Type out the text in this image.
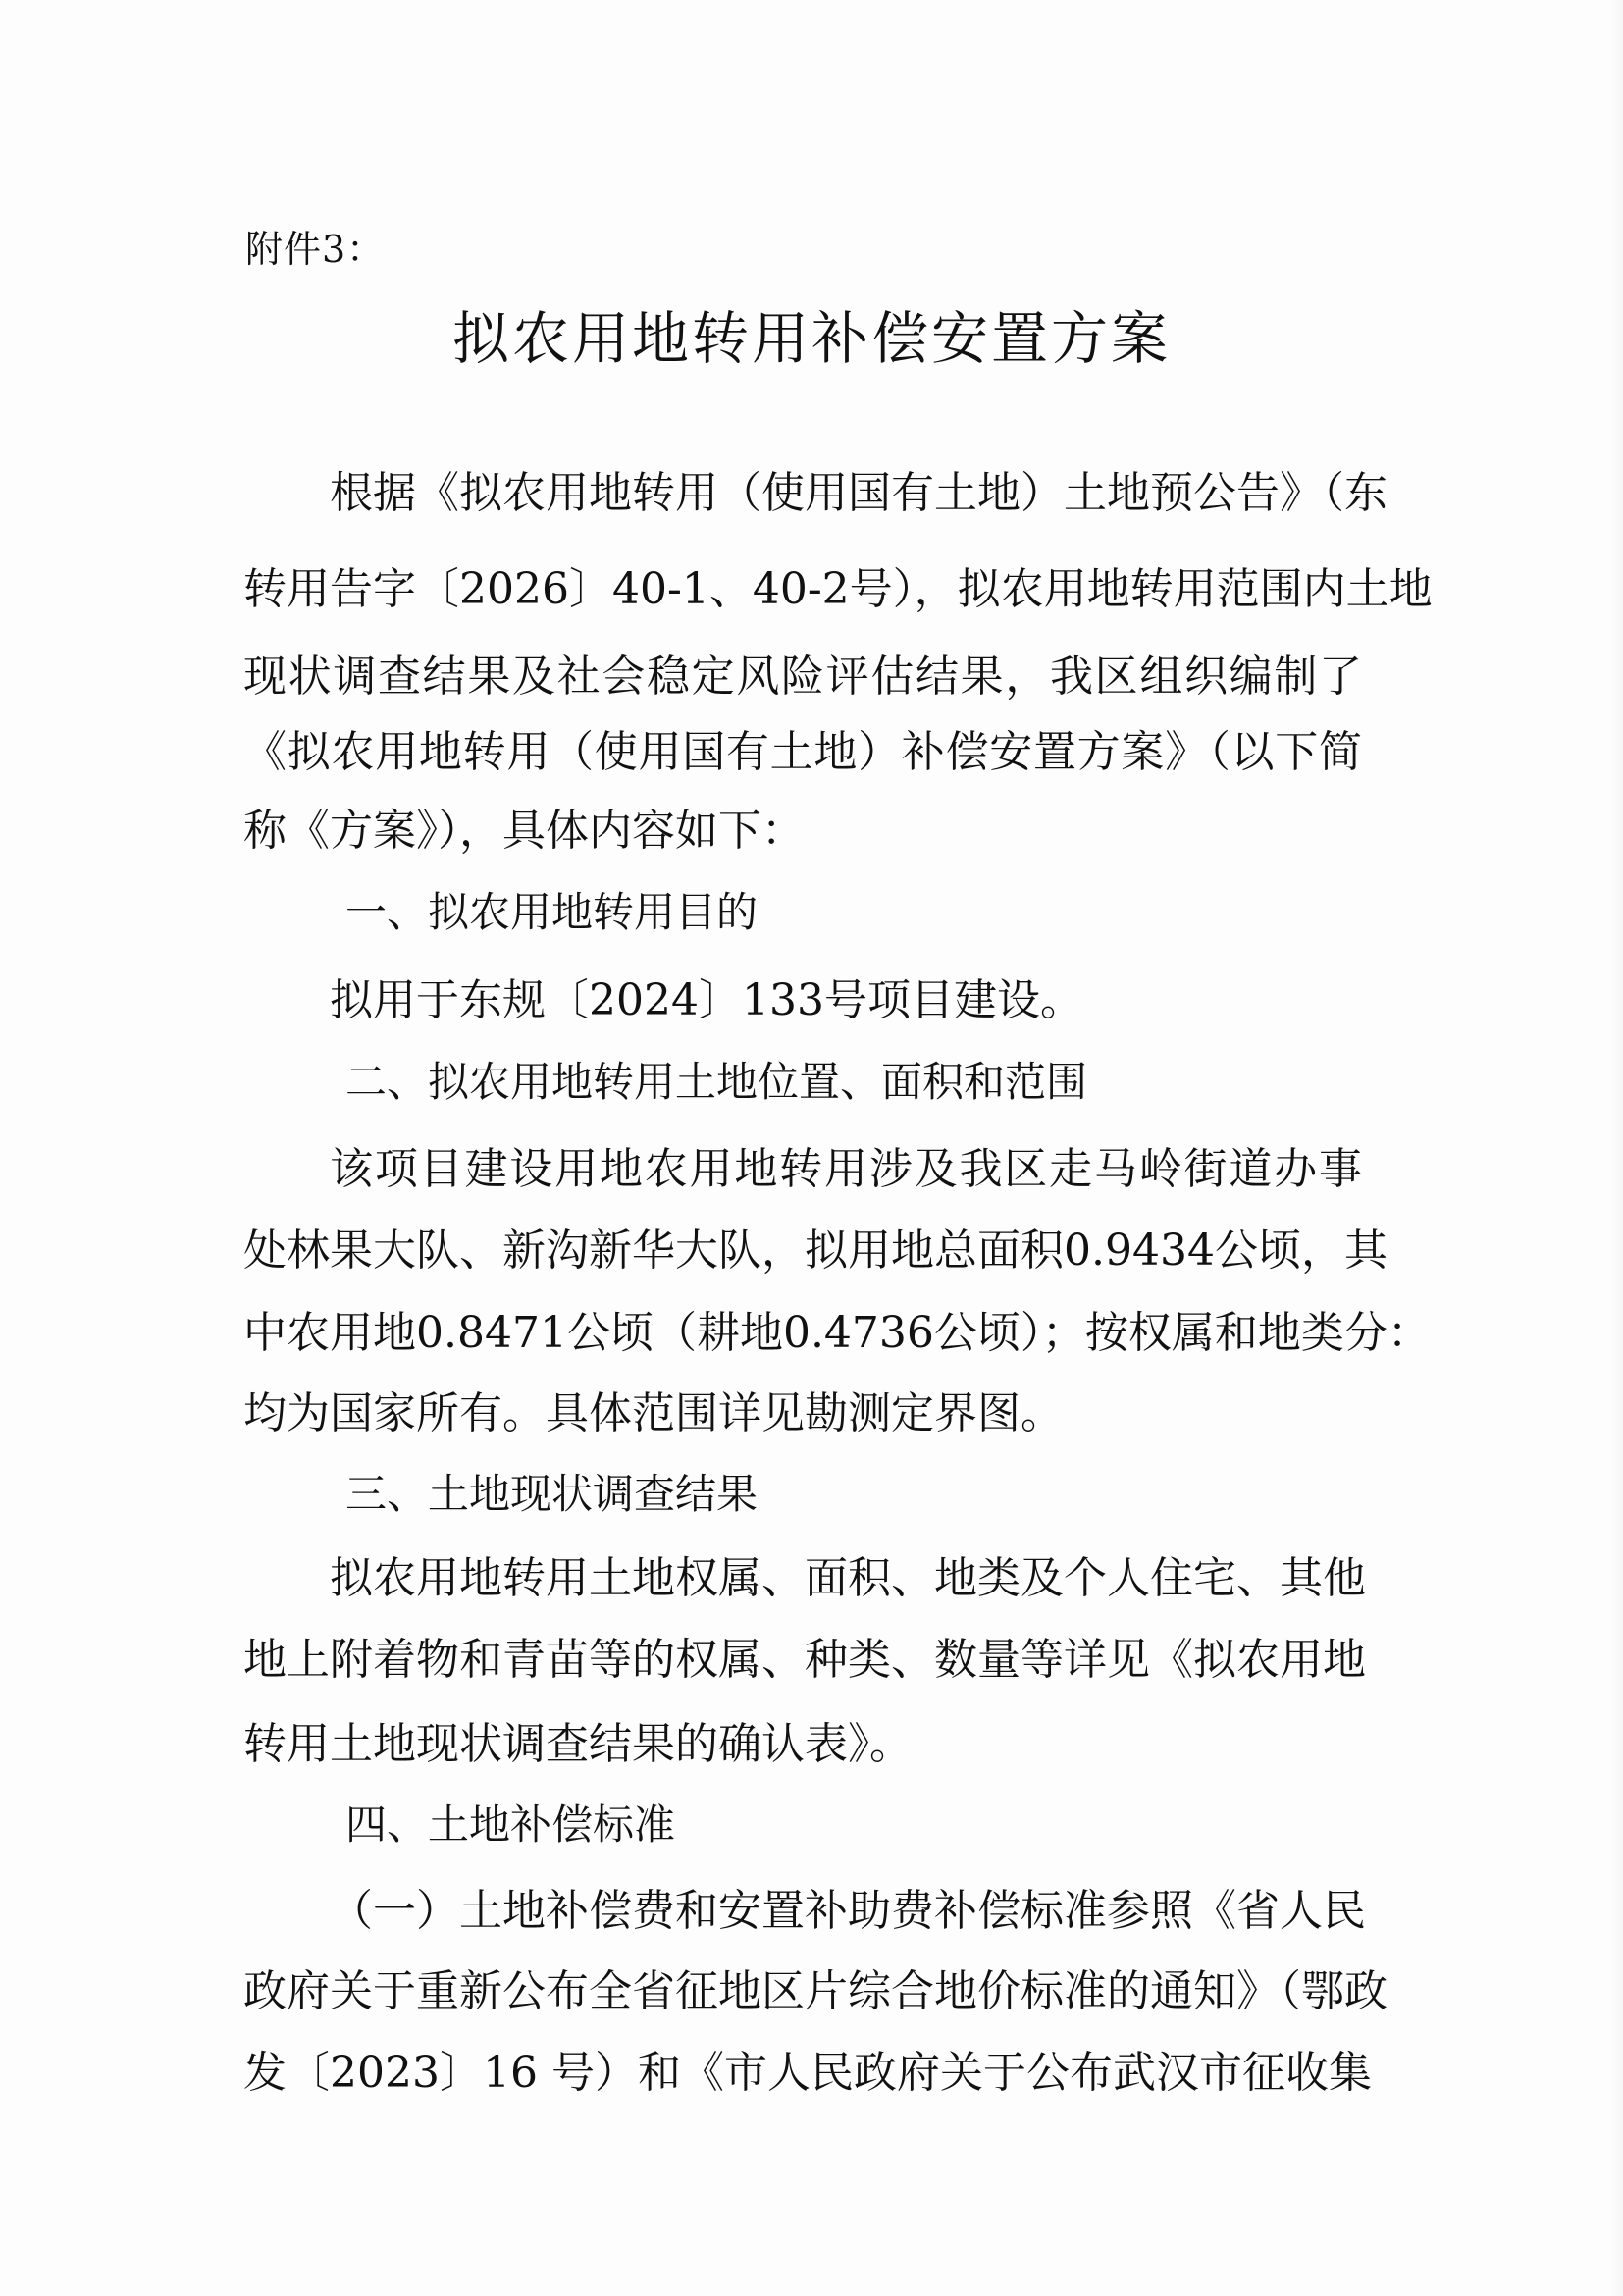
附件3：
拟农用地转用补偿安置方案
根据《拟农用地转用（使用国有土地）土地预公告》（东
转用告字〔2026〕40-1、40-2号），拟农用地转用范围内土地
现状调查结果及社会稳定风险评估结果，我区组织编制了
《拟农用地转用（使用国有土地）补偿安置方案》（以下简
称《方案》），具体内容如下：
一、拟农用地转用目的
拟用于东规〔2024〕133号项目建设。
二、拟农用地转用土地位置、面积和范围
该项目建设用地农用地转用涉及我区走马岭街道办事
处林果大队、新沟新华大队，拟用地总面积0.9434公顷，其
中农用地0.8471公顷（耕地0.4736公顷）；按权属和地类分：
均为国家所有。具体范围详见勘测定界图。
三、土地现状调查结果
拟农用地转用土地权属、面积、地类及个人住宅、其他
地上附着物和青苗等的权属、种类、数量等详见《拟农用地
转用土地现状调查结果的确认表》。
四、土地补偿标准
（一）土地补偿费和安置补助费补偿标准参照《省人民
政府关于重新公布全省征地区片综合地价标准的通知》（鄂政
发〔2023〕16 号）和《市人民政府关于公布武汉市征收集
